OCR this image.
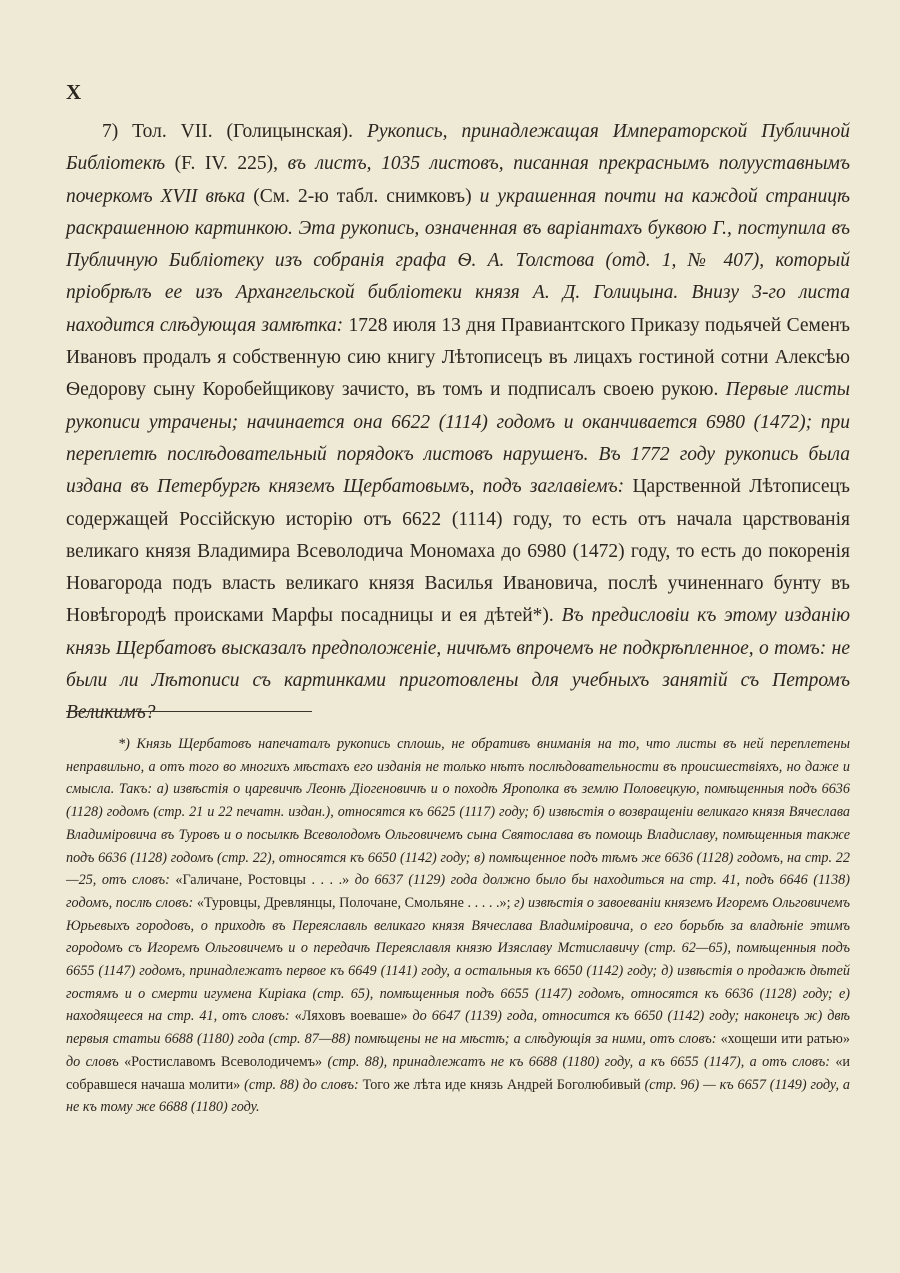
X

7) Тол. VII. (Голицынская). Рукопись, принадлежащая Императорской Публичной Библіотекѣ (F. IV. 225), въ листъ, 1035 листовъ, писанная прекраснымъ полууставнымъ почеркомъ XVII вѣка (См. 2-ю табл. снимковъ) и украшенная почти на каждой страницѣ раскрашенною картинкою. Эта рукопись, означенная въ варіантахъ буквою Г., поступила въ Публичную Библіотеку изъ собранія графа Ѳ. А. Толстова (отд. 1, № 407), который пріобрѣлъ ее изъ Архангельской библіотеки князя А. Д. Голицына. Внизу 3-го листа находится слѣдующая замѣтка: 1728 июля 13 дня Правиантского Приказу подьячей Семенъ Ивановъ продалъ я собственную сию книгу Лѣтописецъ въ лицахъ гостиной сотни Алексѣю Ѳедорову сыну Коробейщикову зачисто, въ томъ и подписалъ своею рукою. Первые листы рукописи утрачены; начинается она 6622 (1114) годомъ и оканчивается 6980 (1472); при переплетѣ послѣдовательный порядокъ листовъ нарушенъ. Въ 1772 году рукопись была издана въ Петербургѣ княземъ Щербатовымъ, подъ заглавіемъ: Царственной Лѣтописецъ содержащей Россійскую исторію отъ 6622 (1114) году, то есть отъ начала царствованія великаго князя Владимира Всеволодича Мономаха до 6980 (1472) году, то есть до покоренія Новагорода подъ власть великаго князя Василья Ивановича, послѣ учиненнаго бунту въ Новѣгородѣ происками Марфы посадницы и ея дѣтей*). Въ предисловіи къ этому изданію князь Щербатовъ высказалъ предположеніе, ничѣмъ впрочемъ не подкрѣпленное, о томъ: не были ли Лѣтописи съ картинками приготовлены для учебныхъ занятій съ Петромъ Великимъ?

*) Князь Щербатовъ напечаталъ рукопись сплошь, не обративъ вниманія на то, что листы въ ней переплетены неправильно, а отъ того во многихъ мѣстахъ его изданія не только нѣтъ послѣдовательности въ происшествіяхъ, но даже и смысла. Такъ: а) извѣстія о царевичѣ Леонѣ Діогеновичѣ и о походѣ Ярополка въ землю Половецкую, помѣщенныя подъ 6636 (1128) годомъ (стр. 21 и 22 печатн. издан.), относятся къ 6625 (1117) году; б) извѣстія о возвращеніи великаго князя Вячеслава Владиміровича въ Туровъ и о посылкѣ Всеволодомъ Ольговичемъ сына Святослава въ помощь Владиславу, помѣщенныя также подъ 6636 (1128) годомъ (стр. 22), относятся къ 6650 (1142) году; в) помѣщенное подъ тѣмъ же 6636 (1128) годомъ, на стр. 22—25, отъ словъ: «Галичане, Ростовцы . . . .» до 6637 (1129) года должно было бы находиться на стр. 41, подъ 6646 (1138) годомъ, послѣ словъ: «Туровцы, Древлянцы, Полочане, Смольяне . . . . .»; г) извѣстія о завоеваніи княземъ Игоремъ Ольговичемъ Юрьевыхъ городовъ, о приходѣ въ Переяславль великаго князя Вячеслава Владиміровича, о его борьбѣ за владѣніе этимъ городомъ съ Игоремъ Ольговичемъ и о передачѣ Переяславля князю Изяславу Мстиславичу (стр. 62—65), помѣщенныя подъ 6655 (1147) годомъ, принадлежатъ первое къ 6649 (1141) году, а остальныя къ 6650 (1142) году; д) извѣстія о продажѣ дѣтей гостямъ и о смерти игумена Киріака (стр. 65), помѣщенныя подъ 6655 (1147) годомъ, относятся къ 6636 (1128) году; е) находящееся на стр. 41, отъ словъ: «Ляховъ воеваше» до 6647 (1139) года, относится къ 6650 (1142) году; наконецъ ж) двѣ первыя статьи 6688 (1180) года (стр. 87—88) помѣщены не на мѣстѣ; а слѣдующія за ними, отъ словъ: «хощеши ити ратью» до словъ «Ростиславомъ Всеволодичемъ» (стр. 88), принадлежатъ не къ 6688 (1180) году, а къ 6655 (1147), а отъ словъ: «и собравшеся начаша молити» (стр. 88) до словъ: Того же лѣта иде князь Андрей Боголюбивый (стр. 96) — къ 6657 (1149) году, а не къ тому же 6688 (1180) году.
